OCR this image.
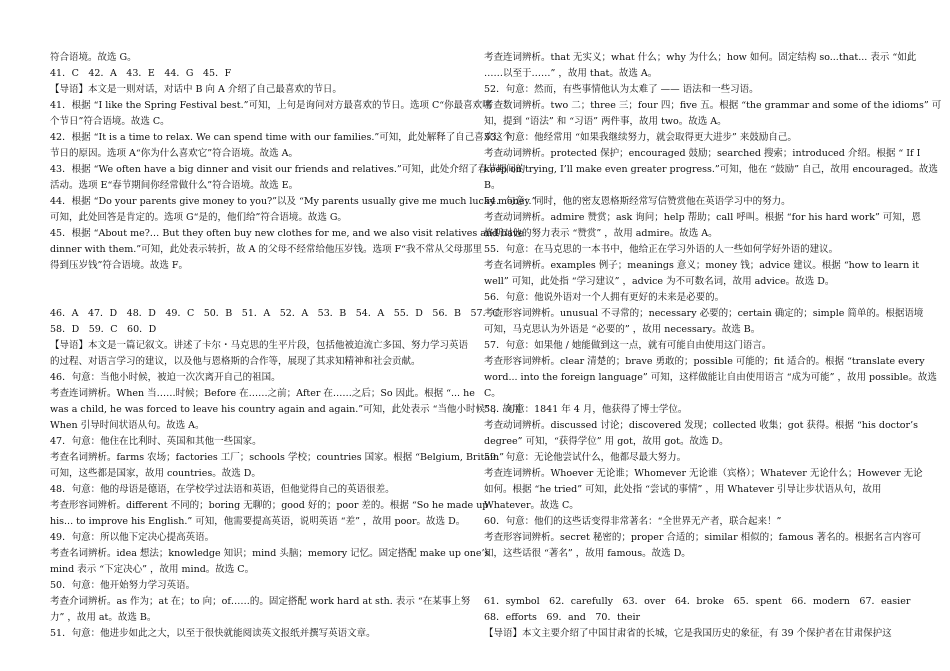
符合语境。故选 G。
41．C　42．A　43．E　44．G　45．F
【导语】本文是一则对话，对话中 B 向 A 介绍了自己最喜欢的节日。
41．根据 “I like the Spring Festival best.”可知，上句是询问对方最喜欢的节日。选项 C“你最喜欢哪
个节日”符合语境。故选 C。
42．根据 “It is a time to relax. We can spend time with our families.”可知，此处解释了自己喜欢这个
节日的原因。选项 A“你为什么喜欢它”符合语境。故选 A。
43．根据 “We often have a big dinner and visit our friends and relatives.”可知，此处介绍了春节期间的
活动。选项 E“春节期间你经常做什么”符合语境。故选 E。
44．根据 “Do your parents give money to you?”以及 “My parents usually give me much lucky money.”
可知，此处回答是肯定的。选项 G“是的，他们给”符合语境。故选 G。
45．根据 “About me?… But they often buy new clothes for me, and we also visit relatives and have
dinner with them.”可知，此处表示转折，故 A 的父母不经常给他压岁钱。选项 F“我不常从父母那里
得到压岁钱”符合语境。故选 F。
46．A　47．D　48．D　49．C　50．B　51．A　52．A　53．B　54．A　55．D　56．B　57．C
58．D　59．C　60．D
【导语】本文是一篇记叙文。讲述了卡尔・马克思的生平片段，包括他被迫流亡多国、努力学习英语
的过程、对语言学习的建议，以及他与恩格斯的合作等，展现了其求知精神和社会贡献。
46．句意：当他小时候，被迫一次次离开自己的祖国。
考查连词辨析。When 当……时候；Before 在……之前；After 在……之后；So 因此。根据 “... he
was a child, he was forced to leave his country again and again.”可知，此处表示 “当他小时候” ，故用
When 引导时间状语从句。故选 A。
47．句意：他住在比利时、英国和其他一些国家。
考查名词辨析。farms 农场；factories 工厂；schools 学校；countries 国家。根据 “Belgium, Britain”
可知，这些都是国家，故用 countries。故选 D。
48．句意：他的母语是德语，在学校学过法语和英语，但他觉得自己的英语很差。
考查形容词辨析。different 不同的；boring 无聊的；good 好的；poor 差的。根据 “So he made up
his... to improve his English.” 可知，他需要提高英语，说明英语 “差” ，故用 poor。故选 D。
49．句意：所以他下定决心提高英语。
考查名词辨析。idea 想法；knowledge 知识；mind 头脑；memory 记忆。固定搭配 make up one’s
mind 表示 “下定决心” ，故用 mind。故选 C。
50．句意：他开始努力学习英语。
考查介词辨析。as 作为；at 在；to 向；of……的。固定搭配 work hard at sth. 表示 “在某事上努
力” ，故用 at。故选 B。
51．句意：他进步如此之大，以至于很快就能阅读英文报纸并撰写英语文章。
考查连词辨析。that 无实义；what 什么；why 为什么；how 如何。固定结构 so...that... 表示 “如此
……以至于……” ，故用 that。故选 A。
52．句意：然而，有些事情他认为太难了 —— 语法和一些习语。
考查数词辨析。two 二；three 三；four 四；five 五。根据 “the grammar and some of the idioms” 可
知，提到 “语法” 和 “习语” 两件事，故用 two。故选 A。
53．句意：他经常用 “如果我继续努力，就会取得更大进步” 来鼓励自己。
考查动词辨析。protected 保护；encouraged 鼓励；searched 搜索；introduced 介绍。根据 “ If I
keep on trying, I’ll make even greater progress.”可知，他在 “鼓励” 自己，故用 encouraged。故选
B。
54．句意：同时，他的密友恩格斯经常写信赞赏他在英语学习中的努力。
考查动词辨析。admire 赞赏；ask 询问；help 帮助；call 呼叫。根据 “for his hard work” 可知，恩
格斯对他的努力表示 “赞赏” ，故用 admire。故选 A。
55．句意：在马克思的一本书中，他给正在学习外语的人一些如何学好外语的建议。
考查名词辨析。examples 例子；meanings 意义；money 钱；advice 建议。根据 “how to learn it
well” 可知，此处指 “学习建议” ，advice 为不可数名词，故用 advice。故选 D。
56．句意：他说外语对一个人拥有更好的未来是必要的。
考查形容词辨析。unusual 不寻常的；necessary 必要的；certain 确定的；simple 简单的。根据语境
可知，马克思认为外语是 “必要的” ，故用 necessary。故选 B。
57．句意：如果他 / 她能做到这一点，就有可能自由使用这门语言。
考查形容词辨析。clear 清楚的；brave 勇敢的；possible 可能的；fit 适合的。根据 “translate every
word... into the foreign language” 可知，这样做能让自由使用语言 “成为可能” ，故用 possible。故选
C。
58．句意：1841 年 4 月，他获得了博士学位。
考查动词辨析。discussed 讨论；discovered 发现；collected 收集；got 获得。根据 “his doctor’s
degree” 可知，“获得学位” 用 got，故用 got。故选 D。
59．句意：无论他尝试什么，他都尽最大努力。
考查连词辨析。Whoever 无论谁；Whomever 无论谁（宾格）；Whatever 无论什么；However 无论
如何。根据 “he tried” 可知，此处指 “尝试的事情” ，用 Whatever 引导让步状语从句，故用
Whatever。故选 C。
60．句意：他们的这些话变得非常著名：“全世界无产者，联合起来！”
考查形容词辨析。secret 秘密的；proper 合适的；similar 相似的；famous 著名的。根据名言内容可
知，这些话很 “著名” ，故用 famous。故选 D。
61．symbol　62．carefully　63．over　64．broke　65．spent　66．modern　67．easier
68．efforts　69．and　70．their
【导语】本文主要介绍了中国甘肃省的长城，它是我国历史的象征，有 39 个保护者在甘肃保护这
